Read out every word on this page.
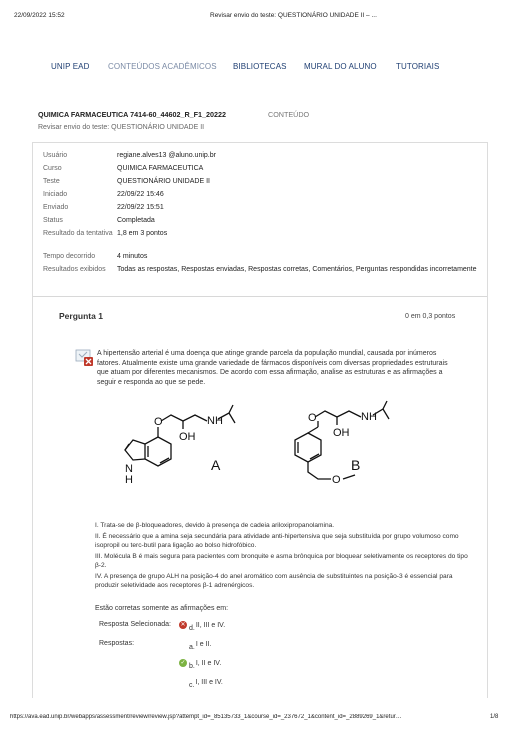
22/09/2022 15:52	Revisar envio do teste: QUESTIONÁRIO UNIDADE II – ...
UNIP EAD CONTEÚDOS ACADÊMICOS BIBLIOTECAS MURAL DO ALUNO TUTORIAIS
QUIMICA FARMACEUTICA 7414-60_44602_R_F1_20222	CONTEÚDO
Revisar envio do teste: QUESTIONÁRIO UNIDADE II
Usuário	regiane.alves13 @aluno.unip.br
Curso	QUIMICA FARMACEUTICA
Teste	QUESTIONÁRIO UNIDADE II
Iniciado	22/09/22 15:46
Enviado	22/09/22 15:51
Status	Completada
Resultado da tentativa 1,8 em 3 pontos
Tempo decorrido	4 minutos
Resultados exibidos	Todas as respostas, Respostas enviadas, Respostas corretas, Comentários, Perguntas respondidas incorretamente
Pergunta 1	0 em 0,3 pontos
A hipertensão arterial é uma doença que atinge grande parcela da população mundial, causada por inúmeros fatores. Atualmente existe uma grande variedade de fármacos disponíveis com diversas propriedades estruturais que atuam por diferentes mecanismos. De acordo com essa afirmação, analise as estruturas e as afirmações a seguir e responda ao que se pede.
O	NH
OH
N
H
A
O	NH
OH
O
B
I. Trata-se de β-bloqueadores, devido à presença de cadeia ariloxipropanolamina.
II. É necessário que a amina seja secundária para atividade anti-hipertensiva que seja substituída por grupo volumoso como isopropil ou terc-butil para ligação ao bolso hidrofóbico.
III. Molécula B é mais segura para pacientes com bronquite e asma brônquica por bloquear seletivamente os receptores do tipo β-2.
IV. A presença de grupo ALH na posição-4 do anel aromático com ausência de substituintes na posição-3 é essencial para produzir seletividade aos receptores β-1 adrenérgicos.
Estão corretas somente as afirmações em:
Resposta Selecionada: ✕ d.II, III e IV.
Respostas:
a.I e II.
✓ b.I, II e IV.
c.I, III e IV.
https://ava.ead.unip.br/webapps/assessment/review/review.jsp?attempt_id=_85135733_1&course_id=_237672_1&content_id=_2889269_1&retur…	1/8
